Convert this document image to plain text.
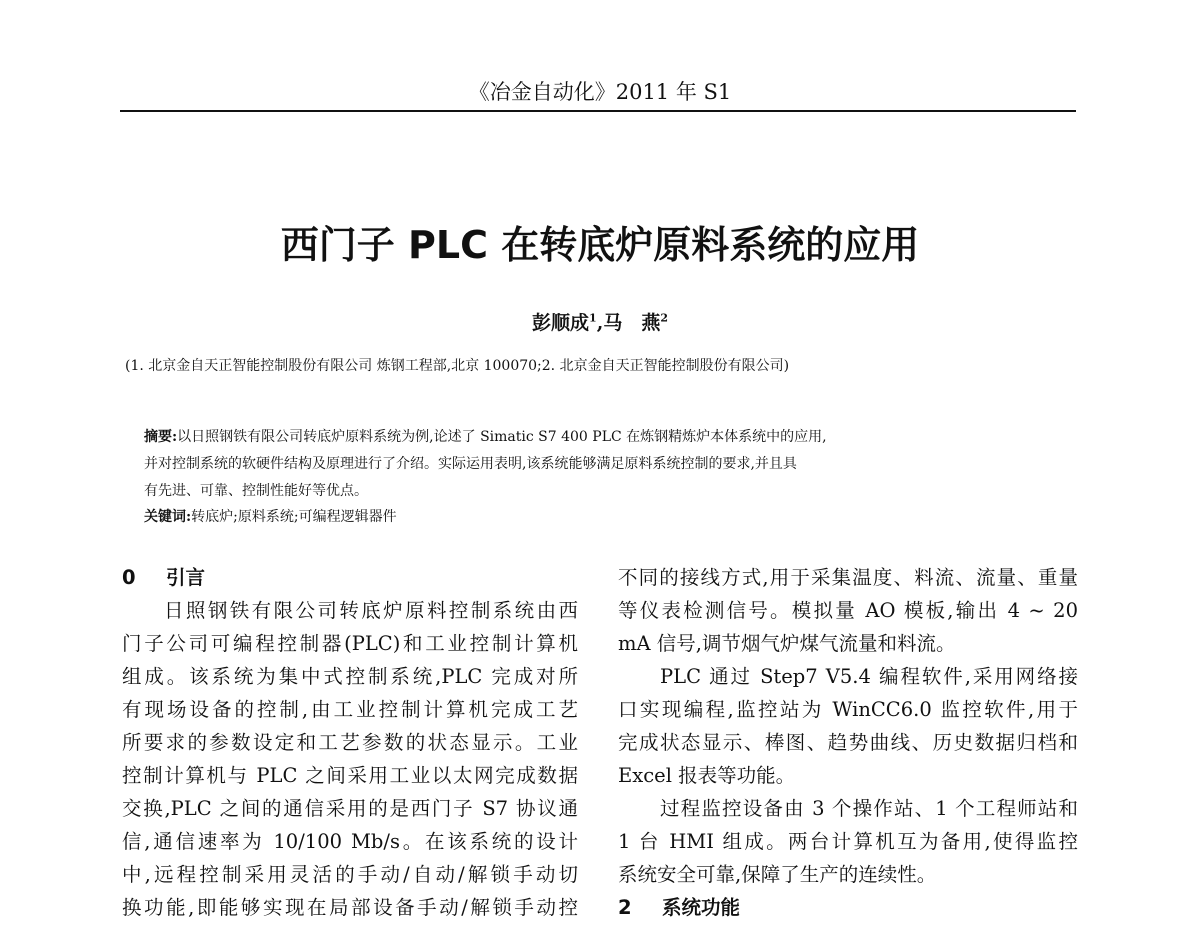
《冶金自动化》2011 年 S1
西门子 PLC 在转底炉原料系统的应用
彭顺成$^1$,马　燕$^2$
(1. 北京金自天正智能控制股份有限公司 炼钢工程部,北京 100070;2. 北京金自天正智能控制股份有限公司)
摘要:以日照钢铁有限公司转底炉原料系统为例,论述了 Simatic S7 400 PLC 在炼钢精炼炉本体系统中的应用,
并对控制系统的软硬件结构及原理进行了介绍。实际运用表明,该系统能够满足原料系统控制的要求,并且具
有先进、可靠、控制性能好等优点。
关键词:转底炉;原料系统;可编程逻辑器件
0 引言
日照钢铁有限公司转底炉原料控制系统由西
门子公司可编程控制器(PLC)和工业控制计算机
组成。该系统为集中式控制系统,PLC 完成对所
有现场设备的控制,由工业控制计算机完成工艺
所要求的参数设定和工艺参数的状态显示。工业
控制计算机与 PLC 之间采用工业以太网完成数据
交换,PLC 之间的通信采用的是西门子 S7 协议通
信,通信速率为 10/100 Mb/s。在该系统的设计
中,远程控制采用灵活的手动/自动/解锁手动切
换功能,即能够实现在局部设备手动/解锁手动控
不同的接线方式,用于采集温度、料流、流量、重量
等仪表检测信号。模拟量 AO 模板,输出 4 ~ 20
mA 信号,调节烟气炉煤气流量和料流。
PLC 通过 Step7 V5.4 编程软件,采用网络接
口实现编程,监控站为 WinCC6.0 监控软件,用于
完成状态显示、棒图、趋势曲线、历史数据归档和
Excel 报表等功能。
过程监控设备由 3 个操作站、1 个工程师站和
1 台 HMI 组成。两台计算机互为备用,使得监控
系统安全可靠,保障了生产的连续性。
2 系统功能
